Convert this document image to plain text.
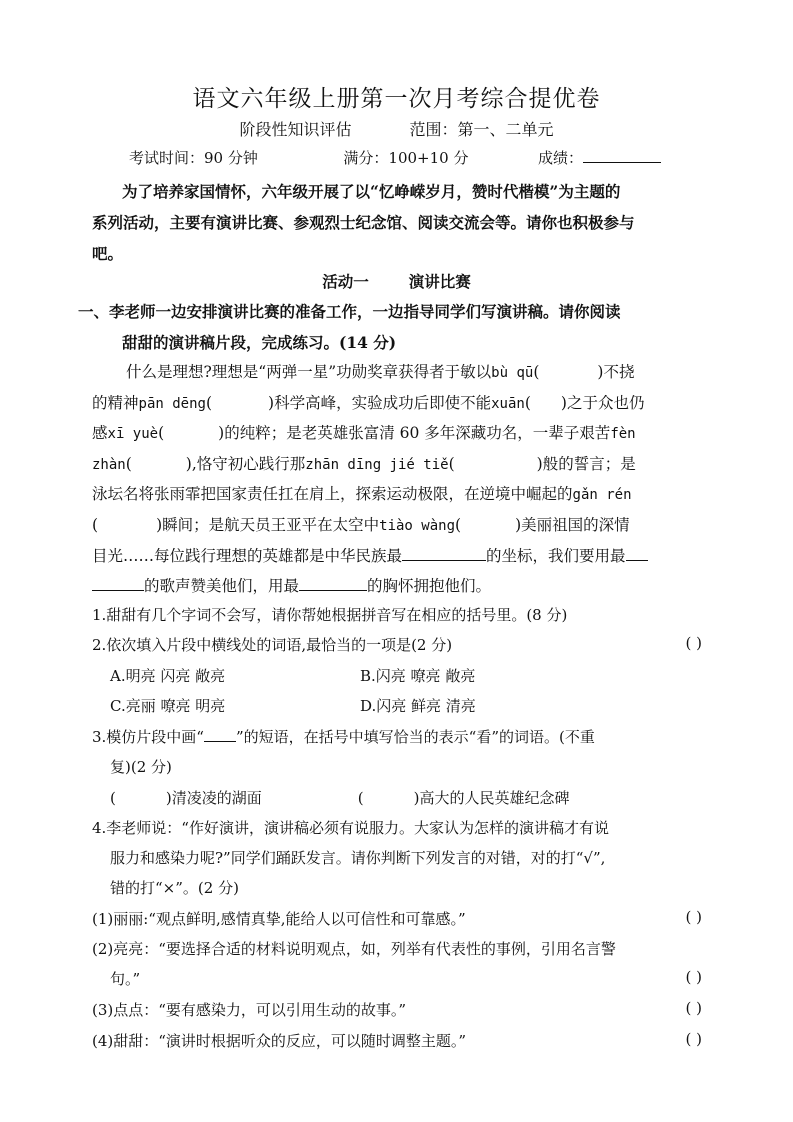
语文六年级上册第一次月考综合提优卷
阶段性知识评估	范围：第一、二单元
考试时间：90 分钟	满分：100+10 分	成绩：
为了培养家国情怀，六年级开展了以“忆峥嵘岁月，赞时代楷模”为主题的
系列活动，主要有演讲比赛、参观烈士纪念馆、阅读交流会等。请你也积极参与
吧。
活动一	演讲比赛
一、李老师一边安排演讲比赛的准备工作，一边指导同学们写演讲稿。请你阅读
甜甜的演讲稿片段，完成练习。(14 分)
什么是理想?理想是“两弹一星”功勋奖章获得者于敏以bù qū(	)不挠
的精神pān dēng(	)科学高峰，实验成功后即使不能xuān( )之于众也仍
感xī yuè(	)的纯粹；是老英雄张富清 60 多年深藏功名，一辈子艰苦fèn
zhàn(	),恪守初心践行那zhān dīng jié tiě(	)般的誓言；是
泳坛名将张雨霏把国家责任扛在肩上，探索运动极限，在逆境中崛起的gǎn rén
(	)瞬间；是航天员王亚平在太空中tiào wàng(	)美丽祖国的深情
目光……每位践行理想的英雄都是中华民族最	的坐标，我们要用最
的歌声赞美他们，用最	的胸怀拥抱他们。
1.甜甜有几个字词不会写，请你帮她根据拼音写在相应的括号里。(8 分)
2.依次填入片段中横线处的词语,最恰当的一项是(2 分)	( )
A.明亮 闪亮 敞亮	B.闪亮 嘹亮 敞亮
C.亮丽 嘹亮 明亮	D.闪亮 鲜亮 清亮
3.模仿片段中画“ ”的短语，在括号中填写恰当的表示“看”的词语。(不重
复)(2 分)
(	)清凌凌的湖面	(	)高大的人民英雄纪念碑
4.李老师说：“作好演讲，演讲稿必须有说服力。大家认为怎样的演讲稿才有说
服力和感染力呢?”同学们踊跃发言。请你判断下列发言的对错，对的打“√”,
错的打“×”。(2 分)
(1)丽丽:“观点鲜明,感情真挚,能给人以可信性和可靠感。”	( )
(2)亮亮：“要选择合适的材料说明观点，如，列举有代表性的事例，引用名言警
句。”	( )
(3)点点：“要有感染力，可以引用生动的故事。”	( )
(4)甜甜：“演讲时根据听众的反应，可以随时调整主题。”	( )
